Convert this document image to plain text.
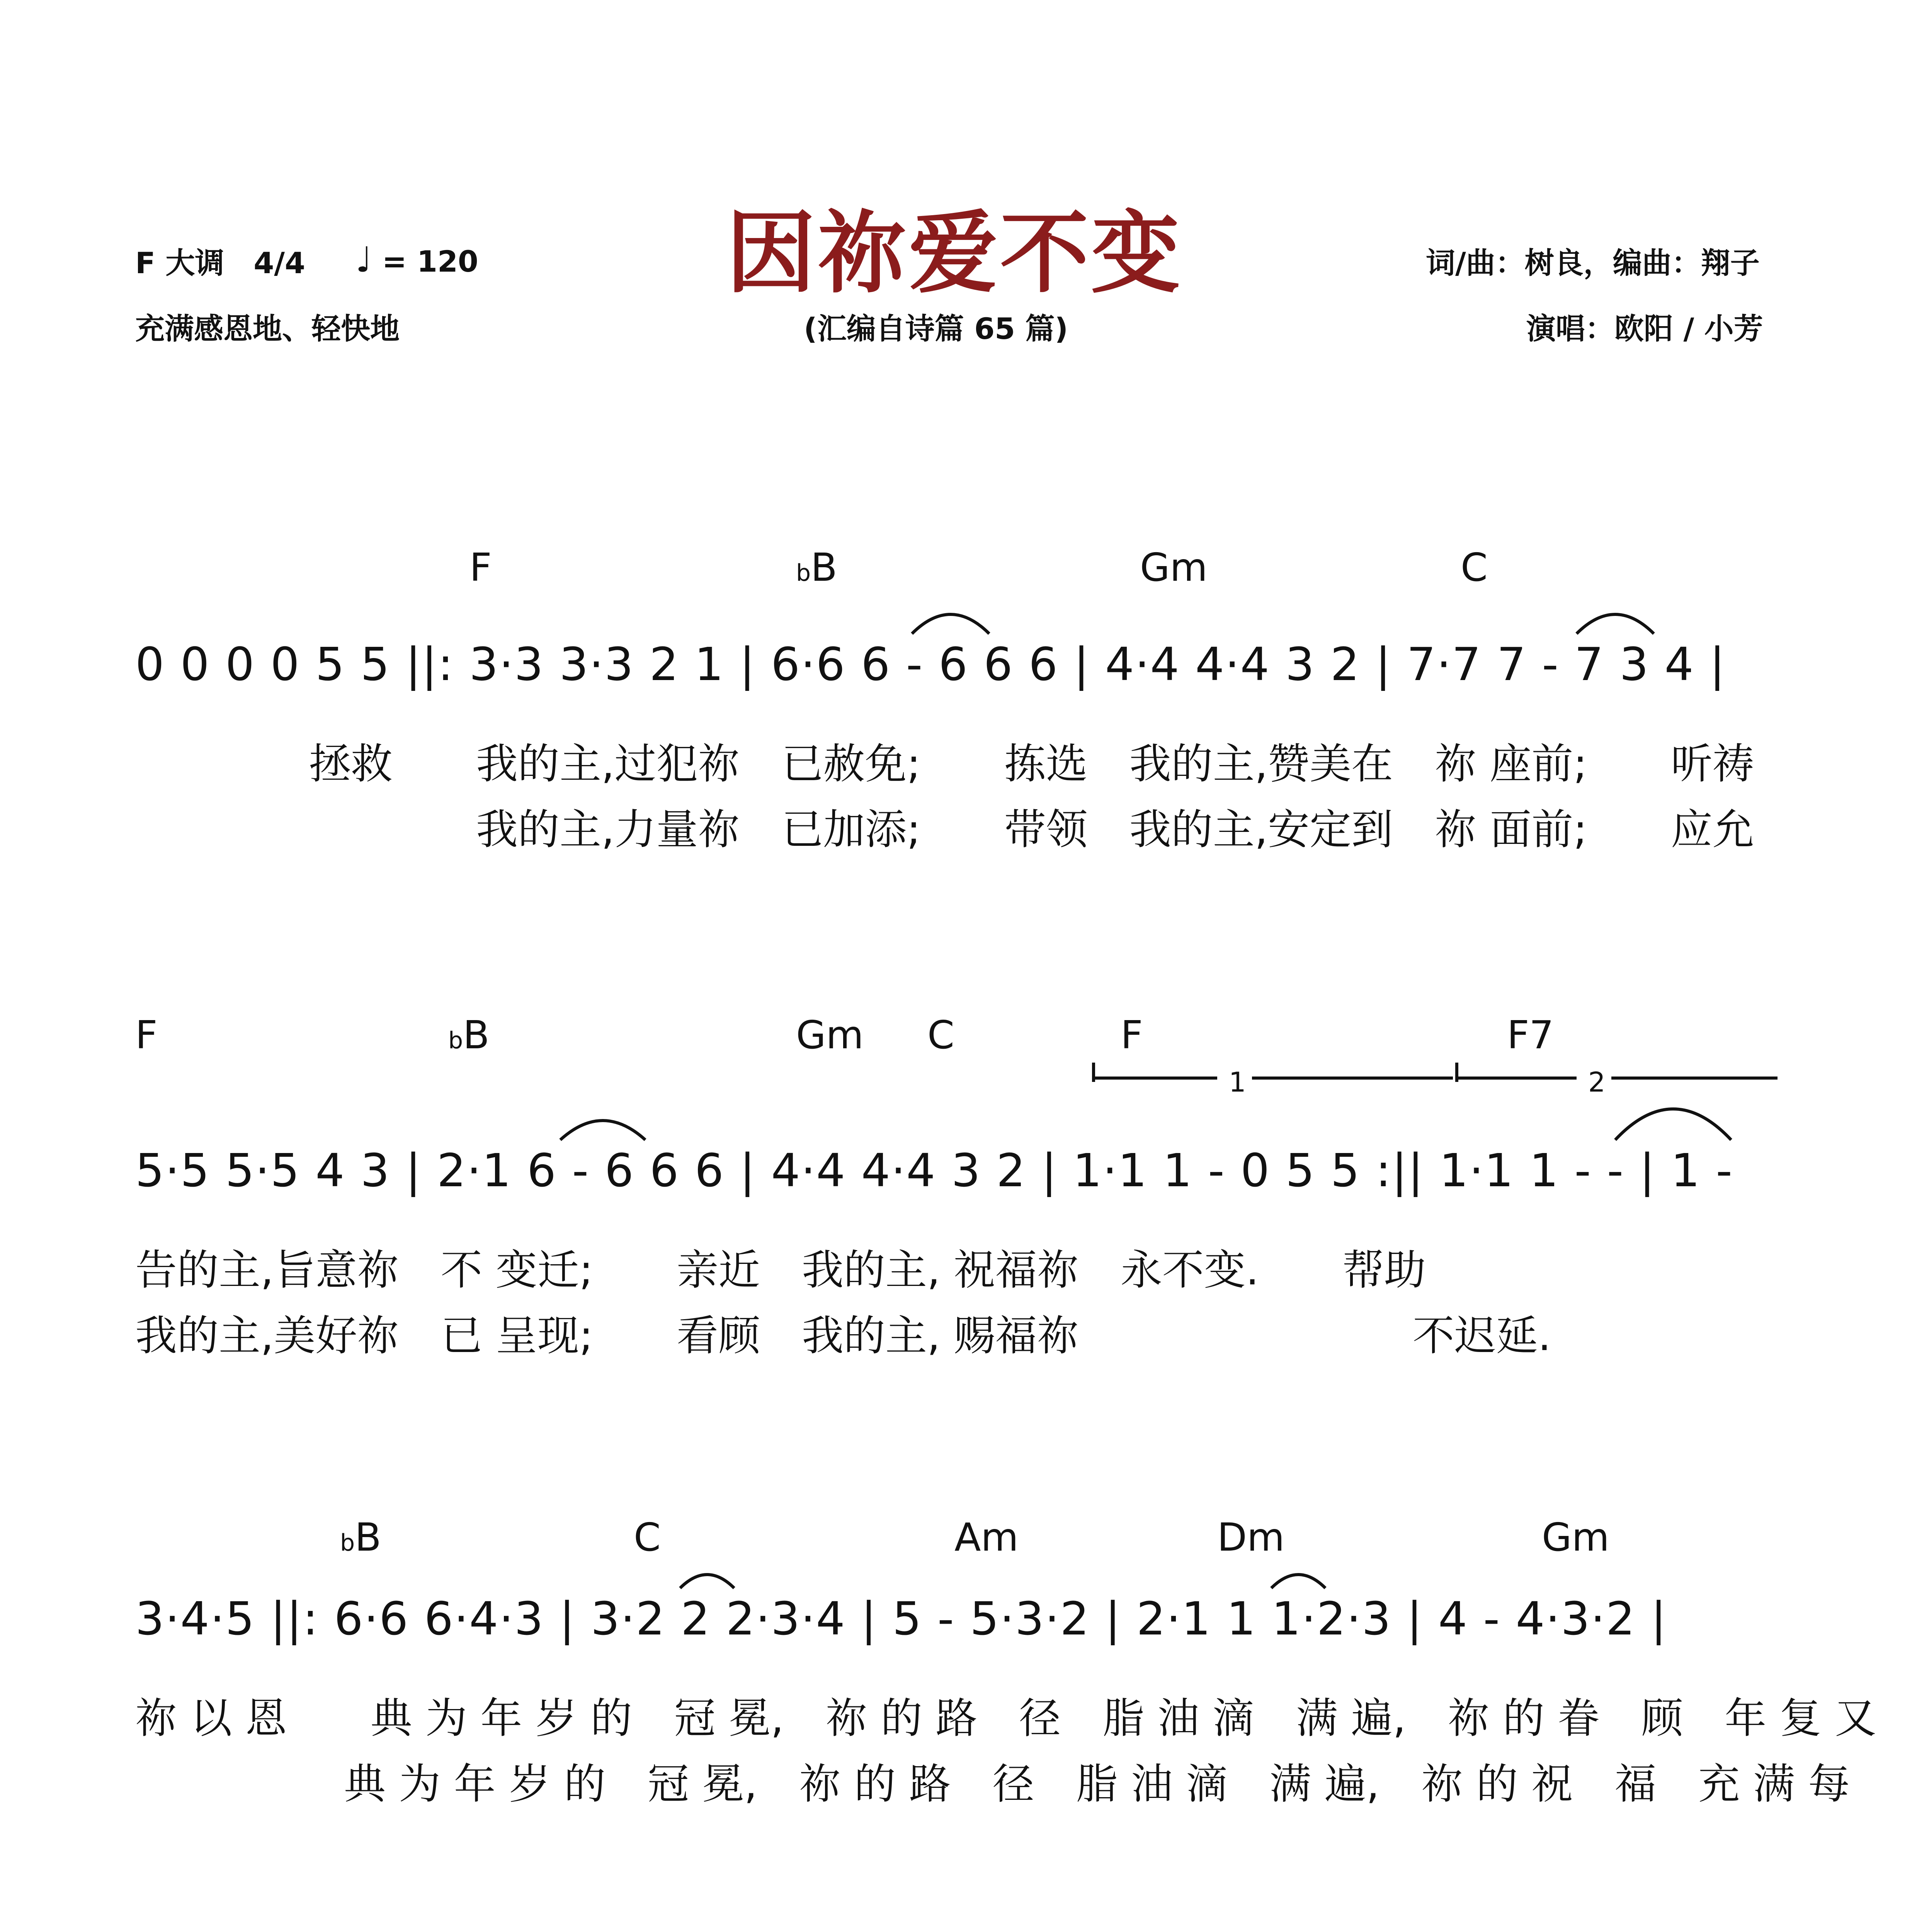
F 大调　4/4 ♩ = 120
充满感恩地、轻快地
因祢爱不变
(汇编自诗篇 65 篇)
词/曲：树良，编曲：翔子
演唱：欧阳 / 小芳
F	bB	Gm	C
0 0 0 0 5 5 ||: 3·3 3·3 2 1 | 6·6 6 - 6 6 6 | 4·4 4·4 3 2 | 7·7 7 - 7 3 4 |
拯救　　我的主,过犯祢　已赦免;　　拣选　我的主,赞美在　祢 座前;　　听祷
　　　　我的主,力量祢　已加添;　　带领　我的主,安定到　祢 面前;　　应允
F	bB	Gm C	F	F7
1	2
5·5 5·5 4 3 | 2·1 6 - 6 6 6 | 4·4 4·4 3 2 | 1·1 1 - 0 5 5 :|| 1·1 1 - - | 1 -
告的主,旨意祢　不 变迁;　　亲近　我的主, 祝福祢　永不变.　　帮助
我的主,美好祢　已 呈现;　　看顾　我的主, 赐福祢　　　　　　　　不迟延.
bB	C	Am	Dm	Gm
3·4·5 ||: 6·6 6·4·3 | 3·2 2 2·3·4 | 5 - 5·3·2 | 2·1 1 1·2·3 | 4 - 4·3·2 |
祢 以 恩　　典 为 年 岁 的　冠 冕,　祢 的 路　径　脂 油 滴　满 遍,　祢 的 眷　顾　年 复 又
　　　　　典 为 年 岁 的　冠 冕,　祢 的 路　径　脂 油 滴　满 遍,　祢 的 祝　福　充 满 每
